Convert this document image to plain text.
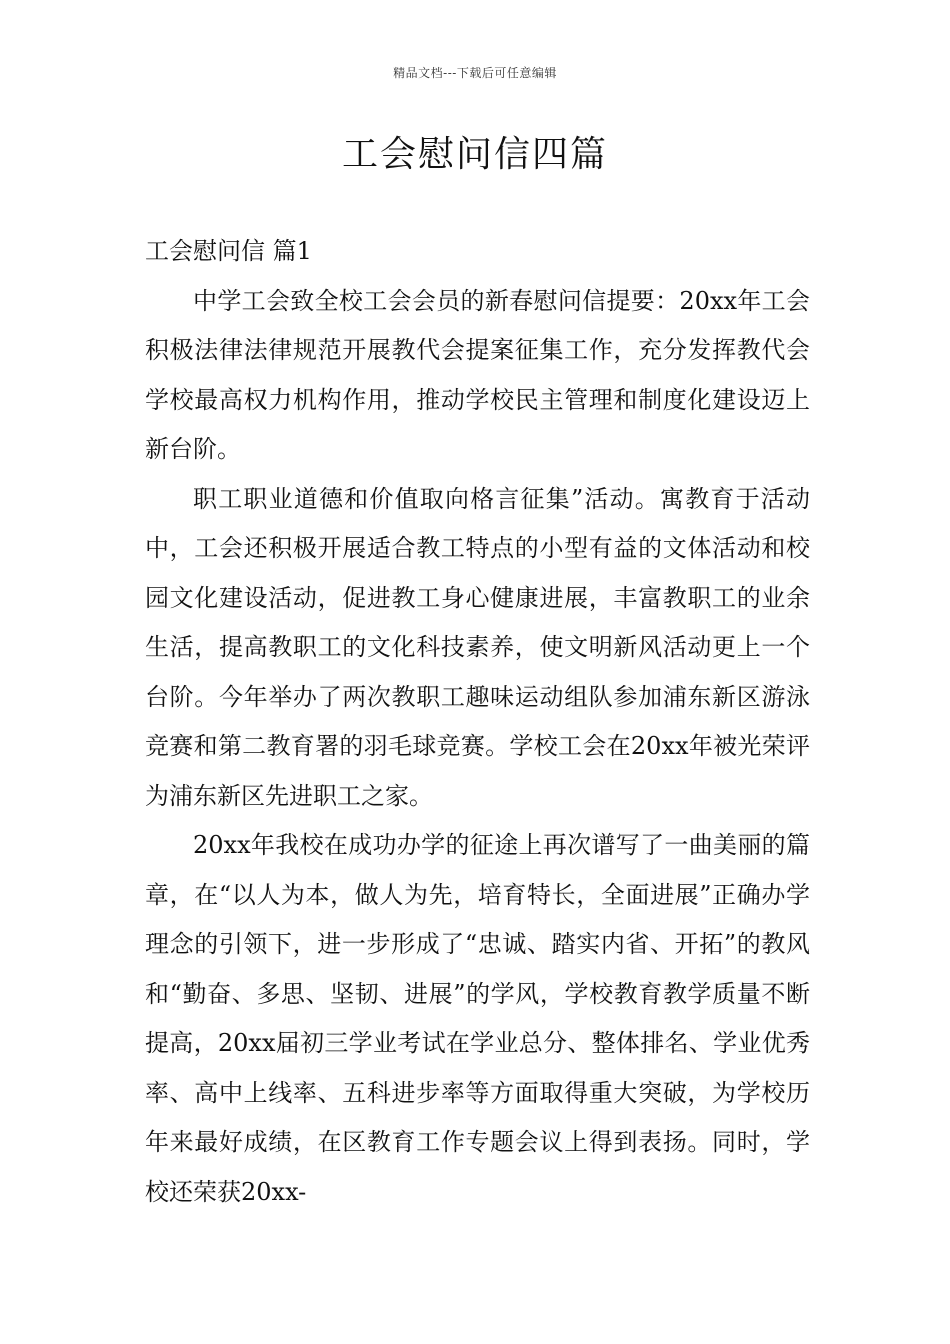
精品文档---下载后可任意编辑
工会慰问信四篇
工会慰问信 篇1

中学工会致全校工会会员的新春慰问信提要：20xx年工会积极法律法律规范开展教代会提案征集工作，充分发挥教代会学校最高权力机构作用，推动学校民主管理和制度化建设迈上新台阶。

职工职业道德和价值取向格言征集”活动。寓教育于活动中，工会还积极开展适合教工特点的小型有益的文体活动和校园文化建设活动，促进教工身心健康进展，丰富教职工的业余生活，提高教职工的文化科技素养，使文明新风活动更上一个台阶。今年举办了两次教职工趣味运动组队参加浦东新区游泳竞赛和第二教育署的羽毛球竞赛。学校工会在20xx年被光荣评为浦东新区先进职工之家。

20xx年我校在成功办学的征途上再次谱写了一曲美丽的篇章，在“以人为本，做人为先，培育特长，全面进展”正确办学理念的引领下，进一步形成了“忠诚、踏实内省、开拓”的教风和“勤奋、多思、坚韧、进展”的学风，学校教育教学质量不断提高，20xx届初三学业考试在学业总分、整体排名、学业优秀率、高中上线率、五科进步率等方面取得重大突破，为学校历年来最好成绩，在区教育工作专题会议上得到表扬。同时，学校还荣获20xx-
